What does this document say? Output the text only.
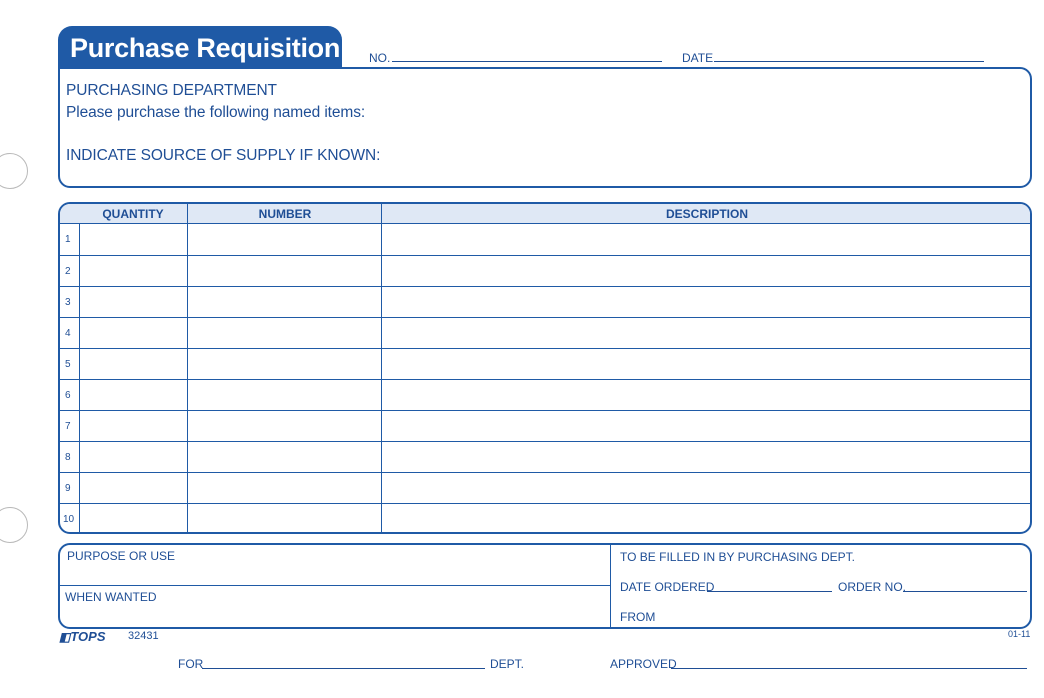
Purchase Requisition NO.	DATE
PURCHASING DEPARTMENT
Please purchase the following named items:
INDICATE SOURCE OF SUPPLY IF KNOWN:
QUANTITY	NUMBER	DESCRIPTION
1
2
3
4
5
6
7
8
9
10
PURPOSE OR USE
WHEN WANTED
TO BE FILLED IN BY PURCHASING DEPT.
DATE ORDERED	ORDER NO.
FROM
◧TOPS 32431	01-11
FOR	DEPT.	APPROVED
